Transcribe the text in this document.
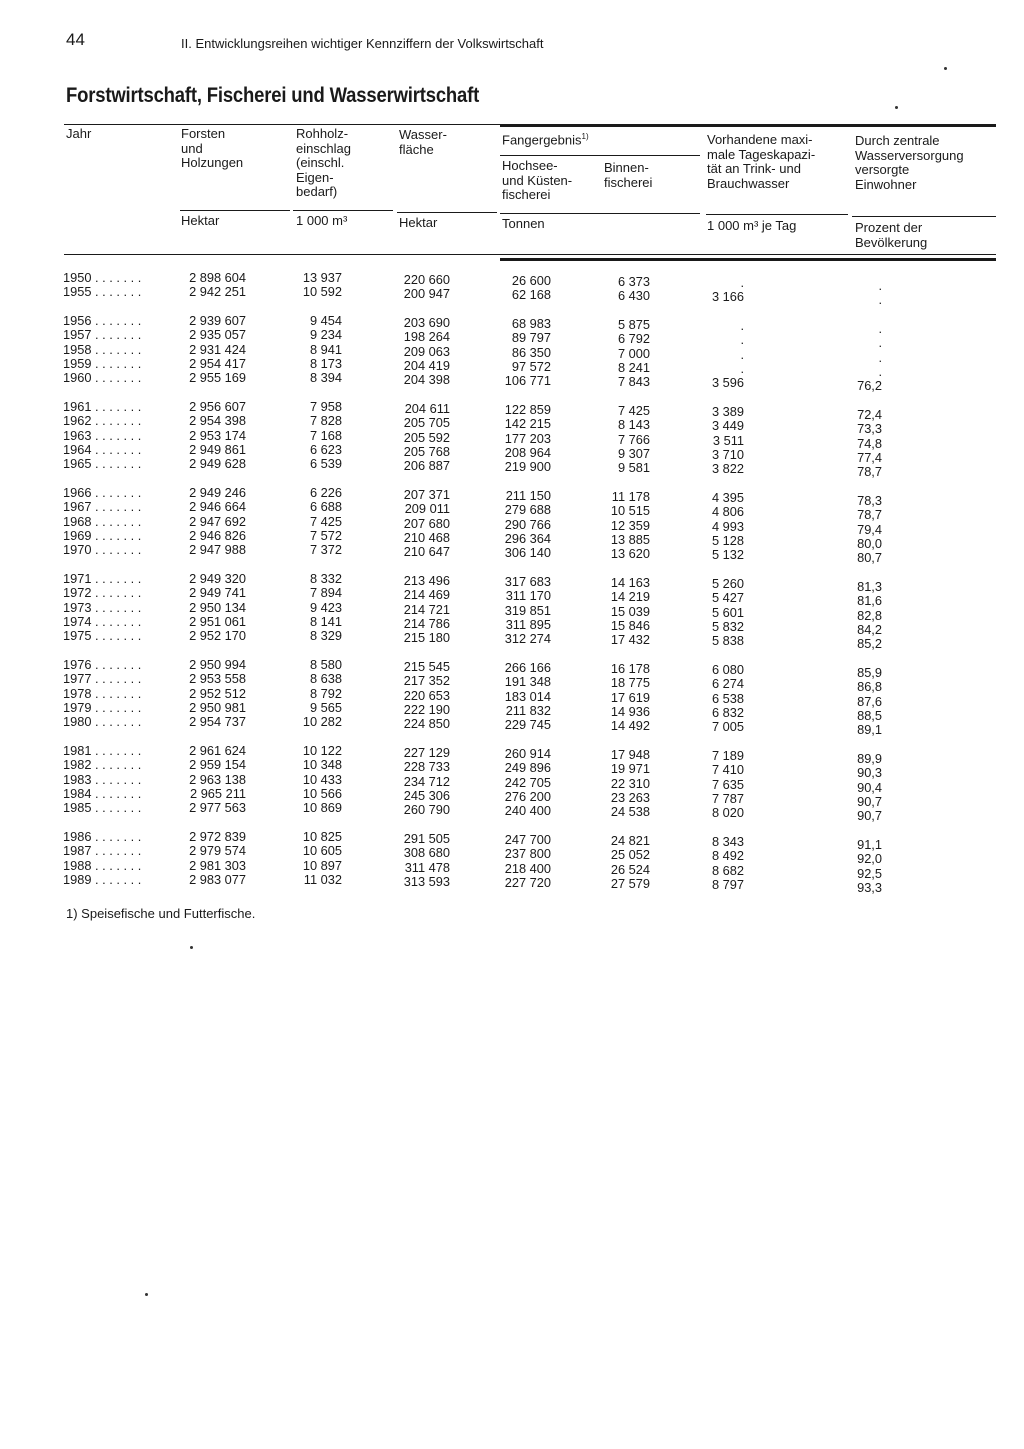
44	II. Entwicklungsreihen wichtiger Kennziffern der Volkswirtschaft
Forstwirtschaft, Fischerei und Wasserwirtschaft
Jahr	Forsten
und
Holzungen
Rohholz-
einschlag
(einschl.
Eigen-
bedarf)
Wasser-
fläche
Fangergebnis$^{1)}$
Hochsee-
und Küsten-
fischerei
Binnen-
fischerei
Vorhandene maxi-
male Tageskapazi-
tät an Trink- und
Brauchwasser
Durch zentrale
Wasserversorgung
versorgte
Einwohner
Hektar	1 000 m³	Hektar	Tonnen	1 000 m³ je Tag	Prozent der
Bevölkerung
1950 . . . . . . .	2 898 604	13 937	220 660	26 600	6 373	.	.
1955 . . . . . . .	2 942 251	10 592	200 947	62 168	6 430	3 166	.
1956 . . . . . . .	2 939 607	9 454	203 690	68 983	5 875	.	.
1957 . . . . . . .	2 935 057	9 234	198 264	89 797	6 792	.	.
1958 . . . . . . .	2 931 424	8 941	209 063	86 350	7 000	.	.
1959 . . . . . . .	2 954 417	8 173	204 419	97 572	8 241	.	.
1960 . . . . . . .	2 955 169	8 394	204 398	106 771	7 843	3 596	76,2
1961 . . . . . . .	2 956 607	7 958	204 611	122 859	7 425	3 389	72,4
1962 . . . . . . .	2 954 398	7 828	205 705	142 215	8 143	3 449	73,3
1963 . . . . . . .	2 953 174	7 168	205 592	177 203	7 766	3 511	74,8
1964 . . . . . . .	2 949 861	6 623	205 768	208 964	9 307	3 710	77,4
1965 . . . . . . .	2 949 628	6 539	206 887	219 900	9 581	3 822	78,7
1966 . . . . . . .	2 949 246	6 226	207 371	211 150	11 178	4 395	78,3
1967 . . . . . . .	2 946 664	6 688	209 011	279 688	10 515	4 806	78,7
1968 . . . . . . .	2 947 692	7 425	207 680	290 766	12 359	4 993	79,4
1969 . . . . . . .	2 946 826	7 572	210 468	296 364	13 885	5 128	80,0
1970 . . . . . . .	2 947 988	7 372	210 647	306 140	13 620	5 132	80,7
1971 . . . . . . .	2 949 320	8 332	213 496	317 683	14 163	5 260	81,3
1972 . . . . . . .	2 949 741	7 894	214 469	311 170	14 219	5 427	81,6
1973 . . . . . . .	2 950 134	9 423	214 721	319 851	15 039	5 601	82,8
1974 . . . . . . .	2 951 061	8 141	214 786	311 895	15 846	5 832	84,2
1975 . . . . . . .	2 952 170	8 329	215 180	312 274	17 432	5 838	85,2
1976 . . . . . . .	2 950 994	8 580	215 545	266 166	16 178	6 080	85,9
1977 . . . . . . .	2 953 558	8 638	217 352	191 348	18 775	6 274	86,8
1978 . . . . . . .	2 952 512	8 792	220 653	183 014	17 619	6 538	87,6
1979 . . . . . . .	2 950 981	9 565	222 190	211 832	14 936	6 832	88,5
1980 . . . . . . .	2 954 737	10 282	224 850	229 745	14 492	7 005	89,1
1981 . . . . . . .	2 961 624	10 122	227 129	260 914	17 948	7 189	89,9
1982 . . . . . . .	2 959 154	10 348	228 733	249 896	19 971	7 410	90,3
1983 . . . . . . .	2 963 138	10 433	234 712	242 705	22 310	7 635	90,4
1984 . . . . . . .	2 965 211	10 566	245 306	276 200	23 263	7 787	90,7
1985 . . . . . . .	2 977 563	10 869	260 790	240 400	24 538	8 020	90,7
1986 . . . . . . .	2 972 839	10 825	291 505	247 700	24 821	8 343	91,1
1987 . . . . . . .	2 979 574	10 605	308 680	237 800	25 052	8 492	92,0
1988 . . . . . . .	2 981 303	10 897	311 478	218 400	26 524	8 682	92,5
1989 . . . . . . .	2 983 077	11 032	313 593	227 720	27 579	8 797	93,3
1) Speisefische und Futterfische.
